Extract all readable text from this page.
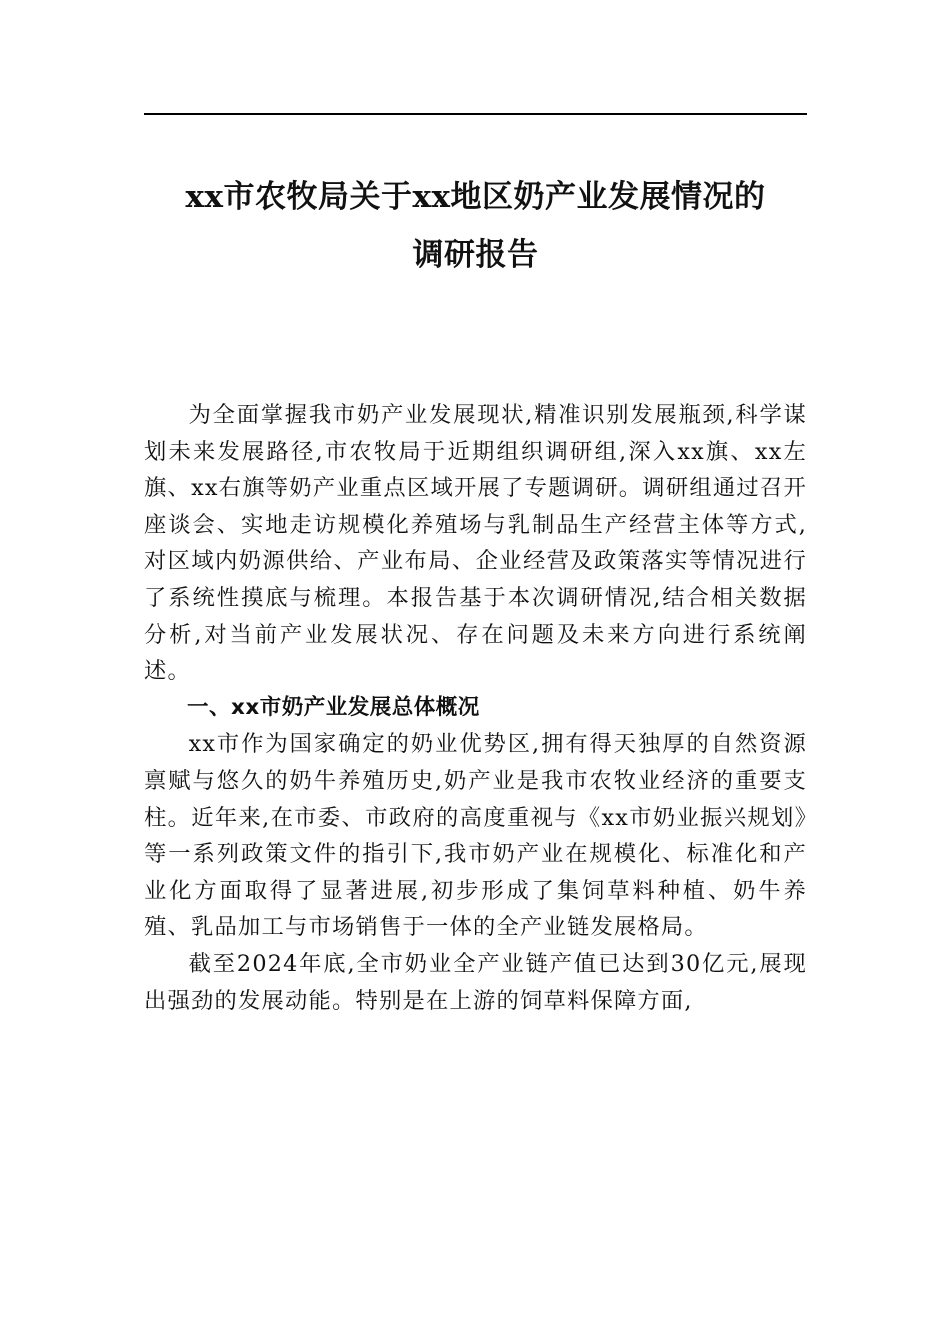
xx市农牧局关于xx地区奶产业发展情况的
调研报告

为全面掌握我市奶产业发展现状,精准识别发展瓶颈,科学谋划未来发展路径,市农牧局于近期组织调研组,深入xx旗、xx左旗、xx右旗等奶产业重点区域开展了专题调研。调研组通过召开座谈会、实地走访规模化养殖场与乳制品生产经营主体等方式,对区域内奶源供给、产业布局、企业经营及政策落实等情况进行了系统性摸底与梳理。本报告基于本次调研情况,结合相关数据分析,对当前产业发展状况、存在问题及未来方向进行系统阐述。

一、xx市奶产业发展总体概况

xx市作为国家确定的奶业优势区,拥有得天独厚的自然资源禀赋与悠久的奶牛养殖历史,奶产业是我市农牧业经济的重要支柱。近年来,在市委、市政府的高度重视与《xx市奶业振兴规划》等一系列政策文件的指引下,我市奶产业在规模化、标准化和产业化方面取得了显著进展,初步形成了集饲草料种植、奶牛养殖、乳品加工与市场销售于一体的全产业链发展格局。

截至2024年底,全市奶业全产业链产值已达到30亿元,展现出强劲的发展动能。特别是在上游的饲草料保障方面,
